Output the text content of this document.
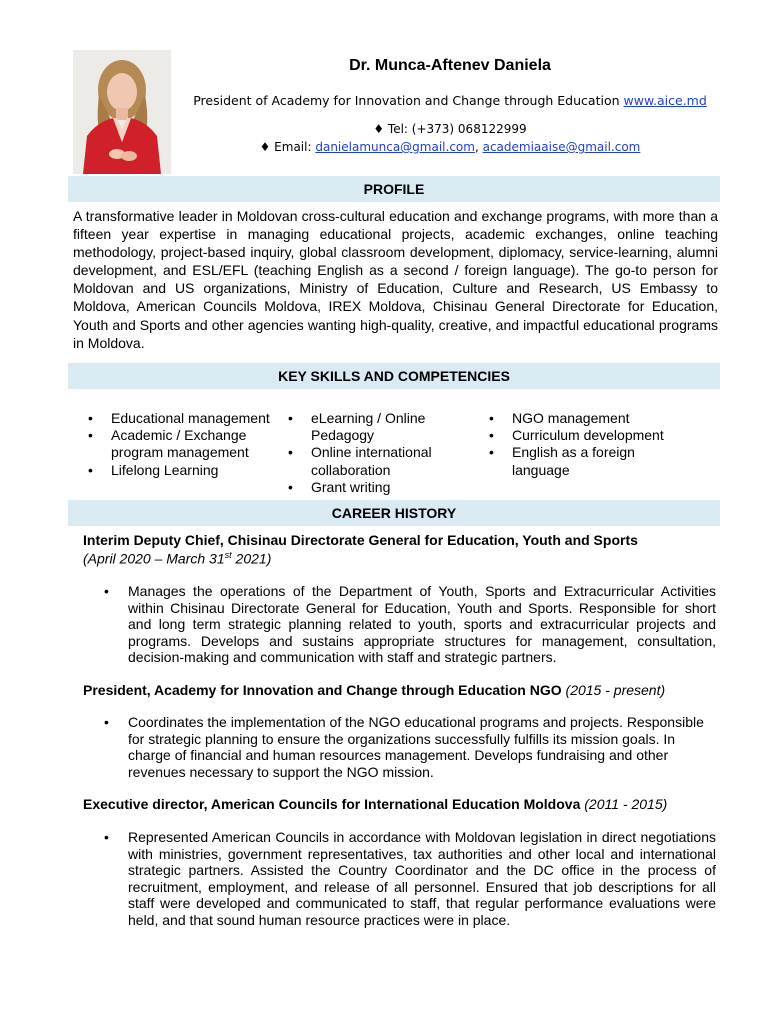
Dr. Munca-Aftenev Daniela
President of Academy for Innovation and Change through Education www.aice.md
♦ Tel: (+373) 068122999
♦ Email: danielamunca@gmail.com, academiaaise@gmail.com
PROFILE
A transformative leader in Moldovan cross-cultural education and exchange programs, with more than a fifteen year expertise in managing educational projects, academic exchanges, online teaching methodology, project-based inquiry, global classroom development, diplomacy, service-learning, alumni development, and ESL/EFL (teaching English as a second / foreign language). The go-to person for Moldovan and US organizations, Ministry of Education, Culture and Research, US Embassy to Moldova, American Councils Moldova, IREX Moldova, Chisinau General Directorate for Education, Youth and Sports and other agencies wanting high-quality, creative, and impactful educational programs in Moldova.
KEY SKILLS AND COMPETENCIES
• Educational management
• Academic / Exchange program management
• Lifelong Learning
• eLearning / Online Pedagogy
• Online international collaboration
• Grant writing
• NGO management
• Curriculum development
• English as a foreign language
CAREER HISTORY
Interim Deputy Chief, Chisinau Directorate General for Education, Youth and Sports
(April 2020 – March 31st 2021)
• Manages the operations of the Department of Youth, Sports and Extracurricular Activities within Chisinau Directorate General for Education, Youth and Sports. Responsible for short and long term strategic planning related to youth, sports and extracurricular projects and programs. Develops and sustains appropriate structures for management, consultation, decision-making and communication with staff and strategic partners.
President, Academy for Innovation and Change through Education NGO (2015 - present)
• Coordinates the implementation of the NGO educational programs and projects. Responsible for strategic planning to ensure the organizations successfully fulfills its mission goals. In charge of financial and human resources management. Develops fundraising and other revenues necessary to support the NGO mission.
Executive director, American Councils for International Education Moldova (2011 - 2015)
• Represented American Councils in accordance with Moldovan legislation in direct negotiations with ministries, government representatives, tax authorities and other local and international strategic partners. Assisted the Country Coordinator and the DC office in the process of recruitment, employment, and release of all personnel. Ensured that job descriptions for all staff were developed and communicated to staff, that regular performance evaluations were held, and that sound human resource practices were in place.
